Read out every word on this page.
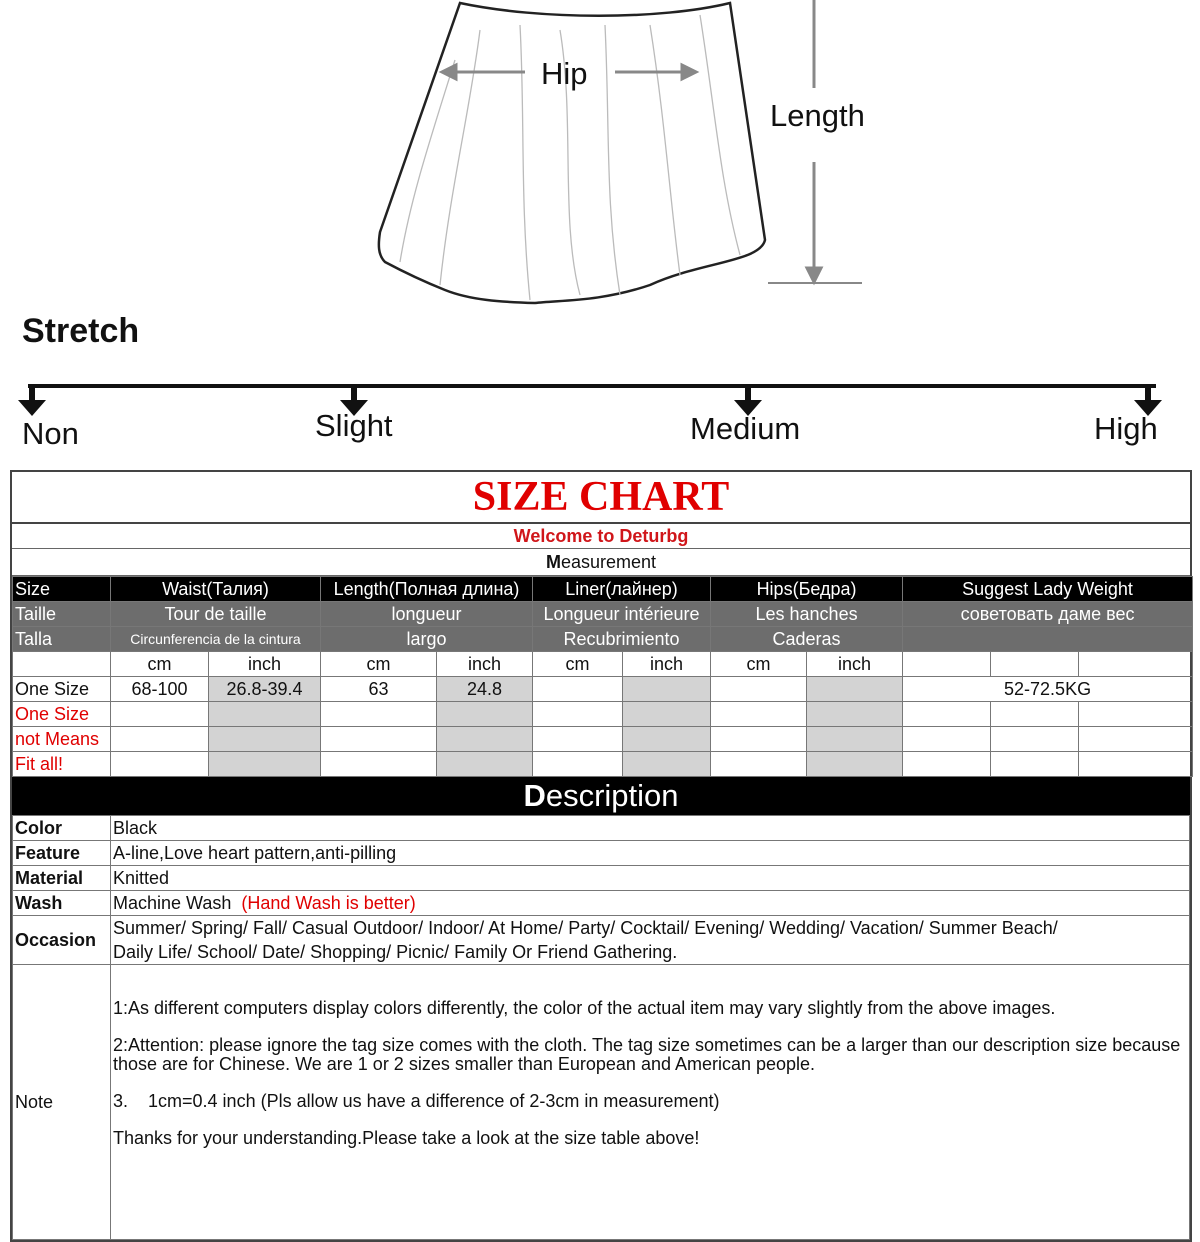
Hip
Length
Stretch
Non	Slight	Medium	High
SIZE CHART
Welcome to Deturbg
Measurement
Size	Waist(Талия)		Length(Полная длина)		Liner(лайнер)		Hips(Бедра)		Suggest Lady Weight		
Taille	Tour de taille		longueur		Longueur intérieure		Les hanches		советовать даме вес		
Talla	Circunferencia de la cintura		largo		Recubrimiento		Caderas				
	cm	inch	cm	inch	cm	inch	cm	inch			
One Size	68-100	26.8-39.4	63	24.8					52-72.5KG		
One Size											
not Means											
Fit all!											
Description
Color	Black
Feature	A-line,Love heart pattern,anti-pilling
Material	Knitted
Wash	Machine Wash (Hand Wash is better)
Occasion	Summer/ Spring/ Fall/ Casual Outdoor/ Indoor/ At Home/ Party/ Cocktail/ Evening/ Wedding/ Vacation/ Summer Beach/
Daily Life/ School/ Date/ Shopping/ Picnic/ Family Or Friend Gathering.

Note	1:As different computers display colors differently, the color of the actual item may vary slightly from the above images.

2:Attention: please ignore the tag size comes with the cloth. The tag size sometimes can be a larger than our description size because those are for Chinese. We are 1 or 2 sizes smaller than European and American people.

3.    1cm=0.4 inch (Pls allow us have a difference of 2-3cm in measurement)

Thanks for your understanding.Please take a look at the size table above!
